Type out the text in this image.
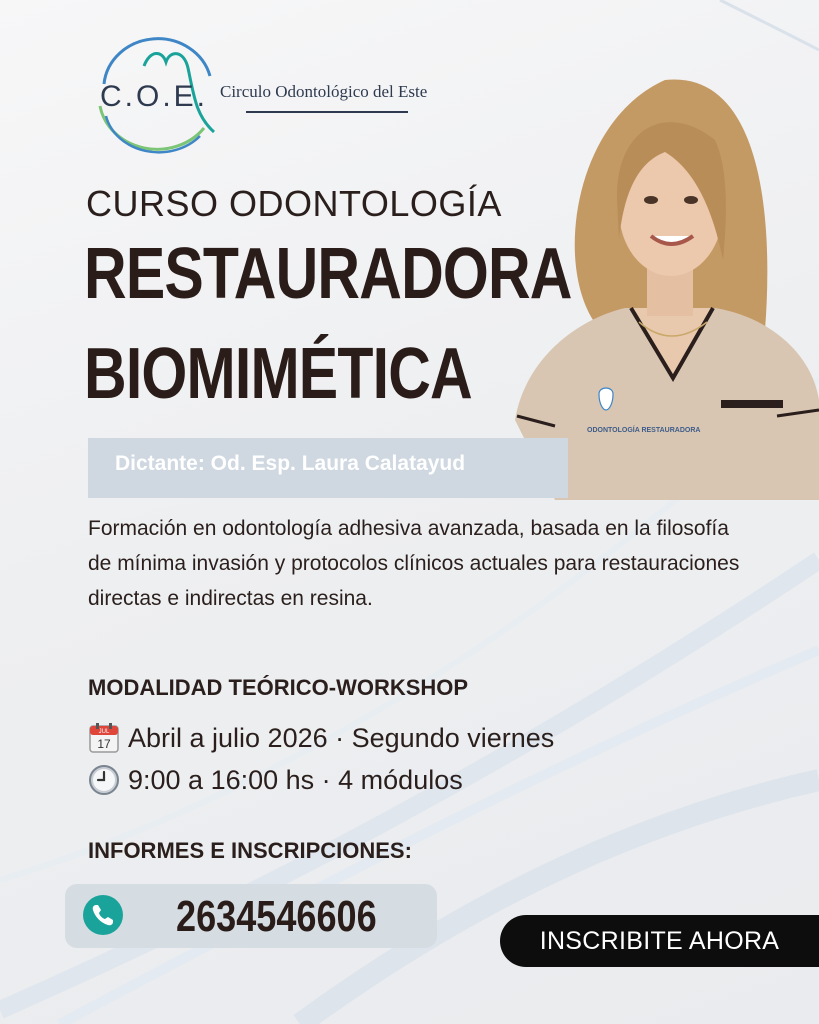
C.O.E. Circulo Odontológico del Este
CURSO ODONTOLOGÍA
RESTAURADORA
BIOMIMÉTICA
ODONTOLOGÍA RESTAURADORA
Dictante: Od. Esp. Laura Calatayud
Formación en odontología adhesiva avanzada, basada en la filosofía de mínima invasión y protocolos clínicos actuales para restauraciones directas e indirectas en resina.
MODALIDAD TEÓRICO-WORKSHOP
JUL
17 Abril a julio 2026 · Segundo viernes
9:00 a 16:00 hs · 4 módulos
INFORMES E INSCRIPCIONES:
2634546606	INSCRIBITE AHORA
